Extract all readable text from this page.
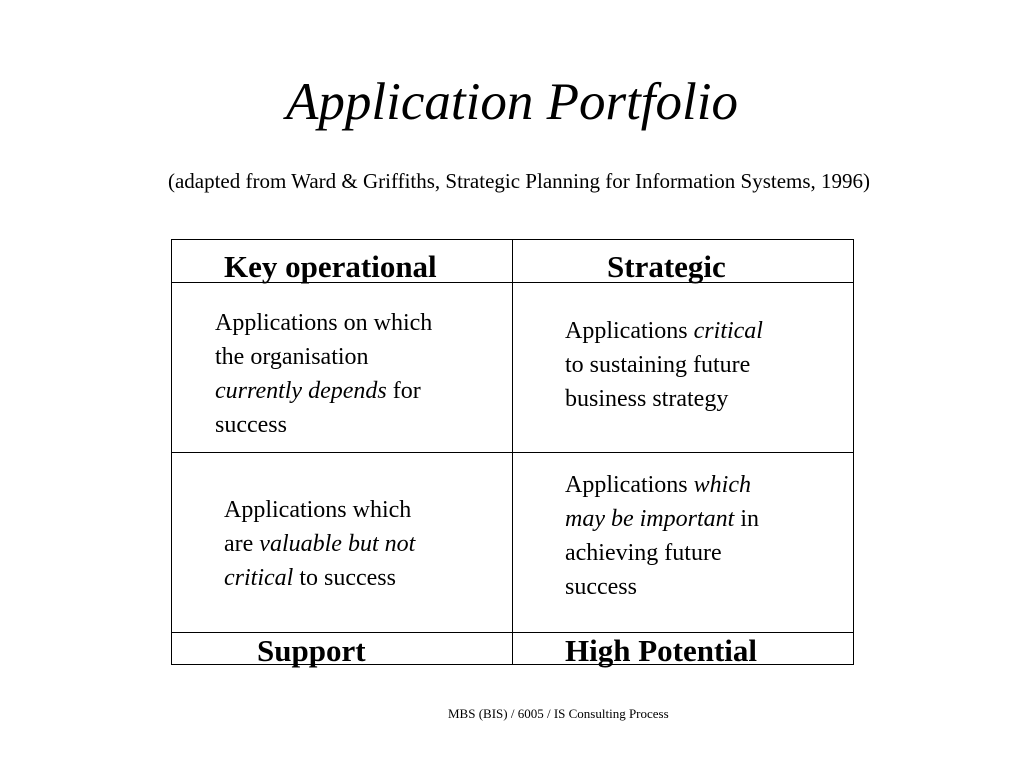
Application Portfolio
(adapted from Ward & Griffiths, Strategic Planning for Information Systems, 1996)
Key operational	Strategic
Support	High Potential
Applications on which
the organisation
currently depends for
success
Applications critical
to sustaining future
business strategy
Applications which
are valuable but not
critical to success
Applications which
may be important in
achieving future
success
MBS (BIS) / 6005 / IS Consulting Process
